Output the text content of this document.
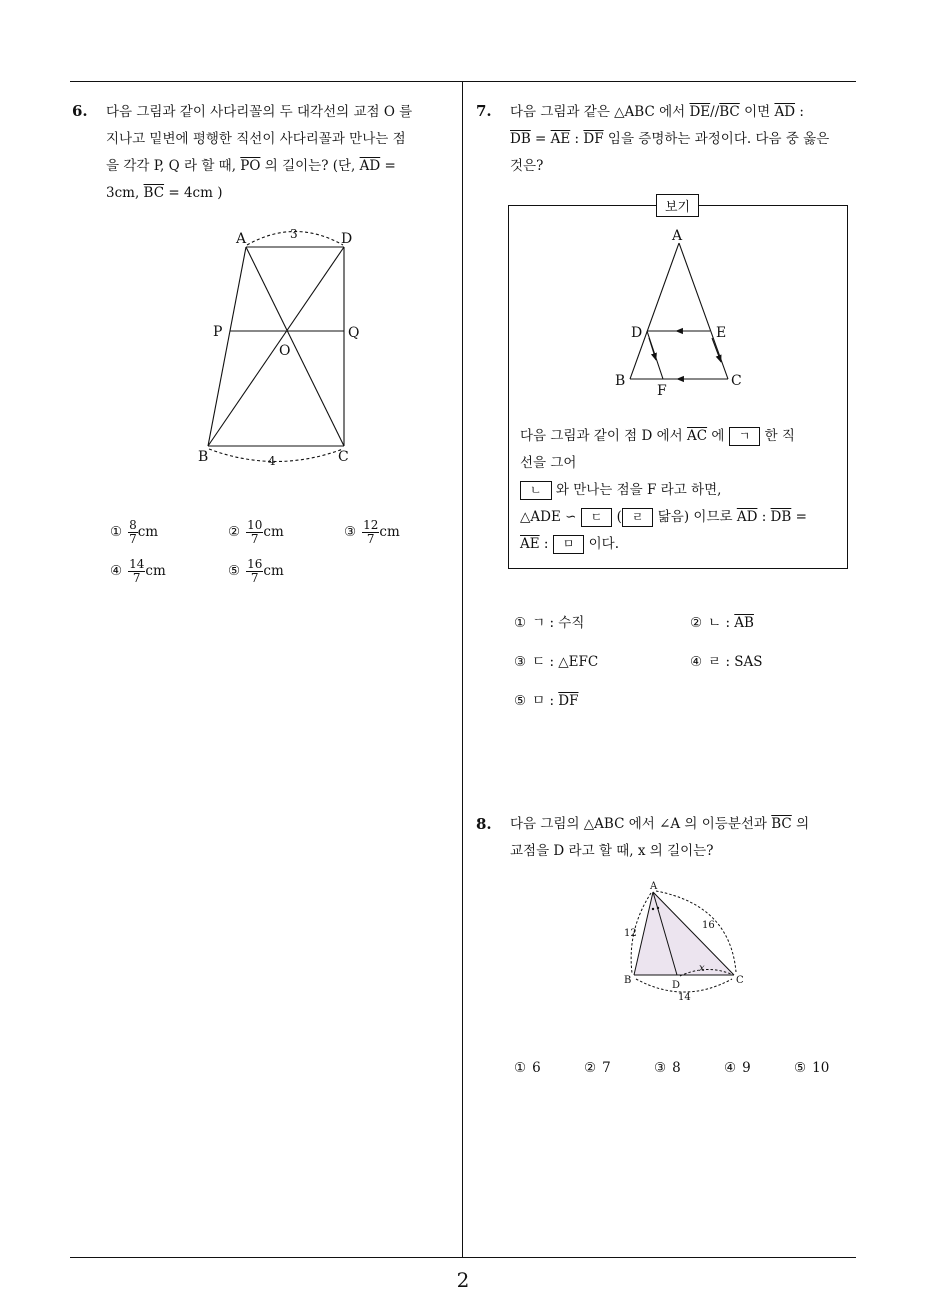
6. 다음 그림과 같이 사다리꼴의 두 대각선의 교점 O 를
지나고 밑변에 평행한 직선이 사다리꼴과 만나는 점
을 각각 P, Q 라 할 때, $\overline{PO}$ 의 길이는? (단, $\overline{AD}$ =
3cm, $\overline{BC} = 4cm$ )
A	D
P	Q
O
B	C
3
4
① $\frac{8}{7}$ cm	② $\frac{10}{7}$ cm	③ $\frac{12}{7}$ cm
④ $\frac{14}{7}$ cm	⑤ $\frac{16}{7}$ cm
7. 다음 그림과 같은 △ABC 에서 $\overline{DE}//\overline{BC}$ 이면 $\overline{AD}$ :
$\overline{DB} = \overline{AE}$ : $\overline{DF}$ 임을 증명하는 과정이다. 다음 중 옳은
것은?
보기
A
D	E
B
F
C
다음 그림과 같이 점 D 에서 $\overline{AC}$ 에 ㄱ 한 직
선을 그어
ㄴ 와 만나는 점을 F 라고 하면,
△ADE ∽ ㄷ ( ㄹ 닮음) 이므로 $\overline{AD}$ : $\overline{DB}$ =
$\overline{AE}$ : ㅁ 이다.
① ㄱ : 수직	② ㄴ : $\overline{AB}$
③ ㄷ : △EFC	④ ㄹ : SAS
⑤ ㅁ : $\overline{DF}$
8. 다음 그림의 △ABC 에서 ∠A 의 이등분선과 $\overline{BC}$ 의
교점을 D 라고 할 때, x 의 길이는?
A
B	C
D
12
16
14
x
① 6	② 7	③ 8	④ 9	⑤ 10
2
